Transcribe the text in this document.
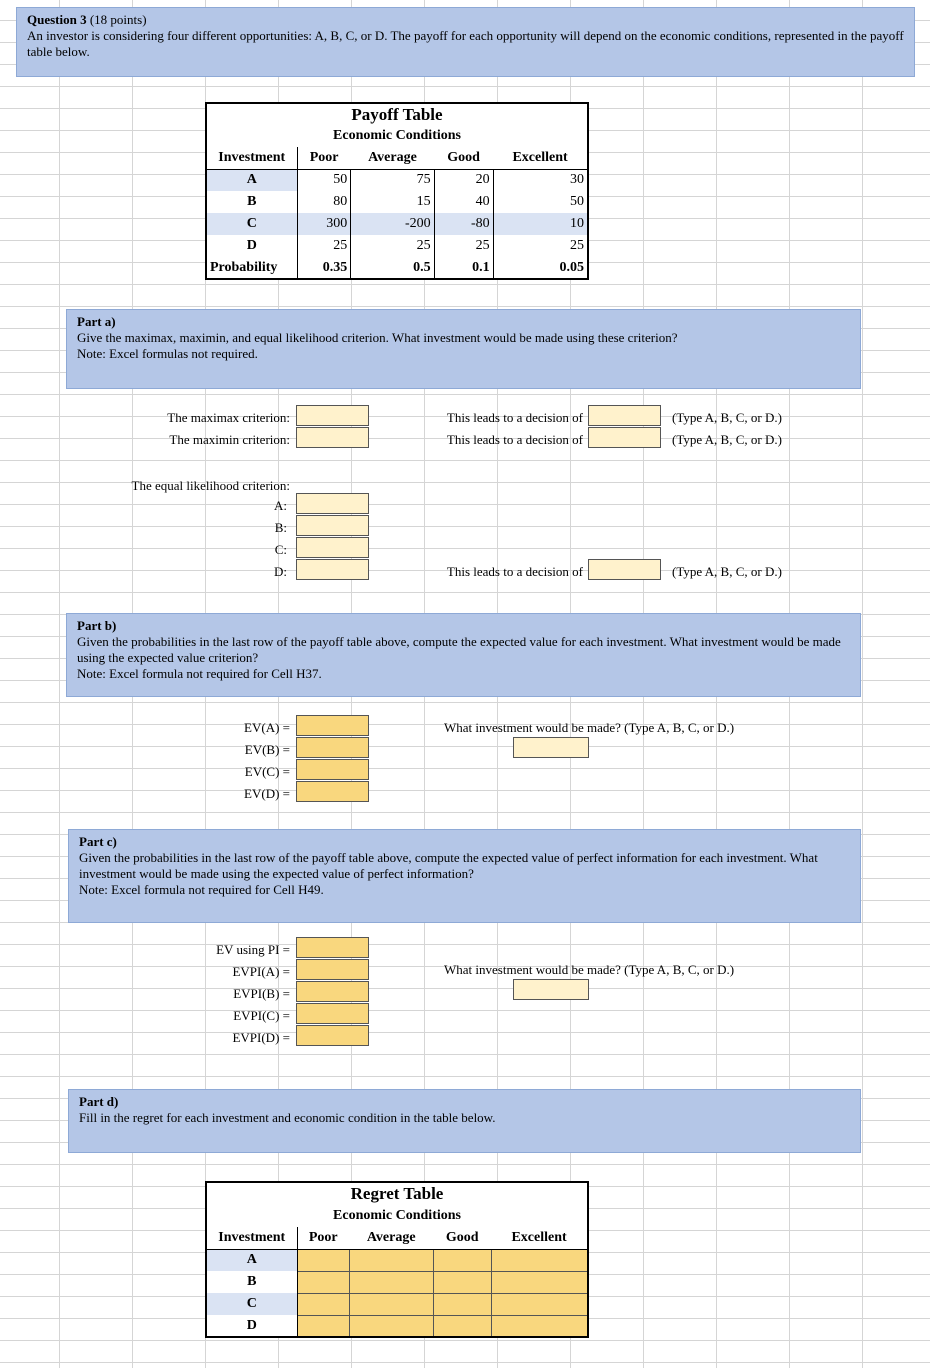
Question 3 (18 points)
An investor is considering four different opportunities: A, B, C, or D. The payoff for each opportunity will depend on the economic conditions, represented in the payoff table below.
Payoff Table				
Economic Conditions				
Investment	Poor	Average	Good	Excellent
A	50	75	20	30
B	80	15	40	50
C	300	-200	-80	10
D	25	25	25	25
Probability	0.35	0.5	0.1	0.05
Part a)
Give the maximax, maximin, and equal likelihood criterion. What investment would be made using these criterion?
Note: Excel formulas not required.
The maximax criterion:	This leads to a decision of	(Type A, B, C, or D.)
The maximin criterion:	This leads to a decision of	(Type A, B, C, or D.)
The equal likelihood criterion:
A:
B:
C:
D:	This leads to a decision of	(Type A, B, C, or D.)
Part b)
Given the probabilities in the last row of the payoff table above, compute the expected value for each investment. What investment would be made using the expected value criterion?
Note: Excel formula not required for Cell H37.
EV(A) =
EV(B) =
EV(C) =
EV(D) =
What investment would be made? (Type A, B, C, or D.)
Part c)
Given the probabilities in the last row of the payoff table above, compute the expected value of perfect information for each investment. What investment would be made using the expected value of perfect information?
Note: Excel formula not required for Cell H49.
EV using PI =
EVPI(A) =
EVPI(B) =
EVPI(C) =
EVPI(D) =
What investment would be made? (Type A, B, C, or D.)
Part d)
Fill in the regret for each investment and economic condition in the table below.
Regret Table				
Economic Conditions				
Investment	Poor	Average	Good	Excellent
A				
B				
C				
D				
